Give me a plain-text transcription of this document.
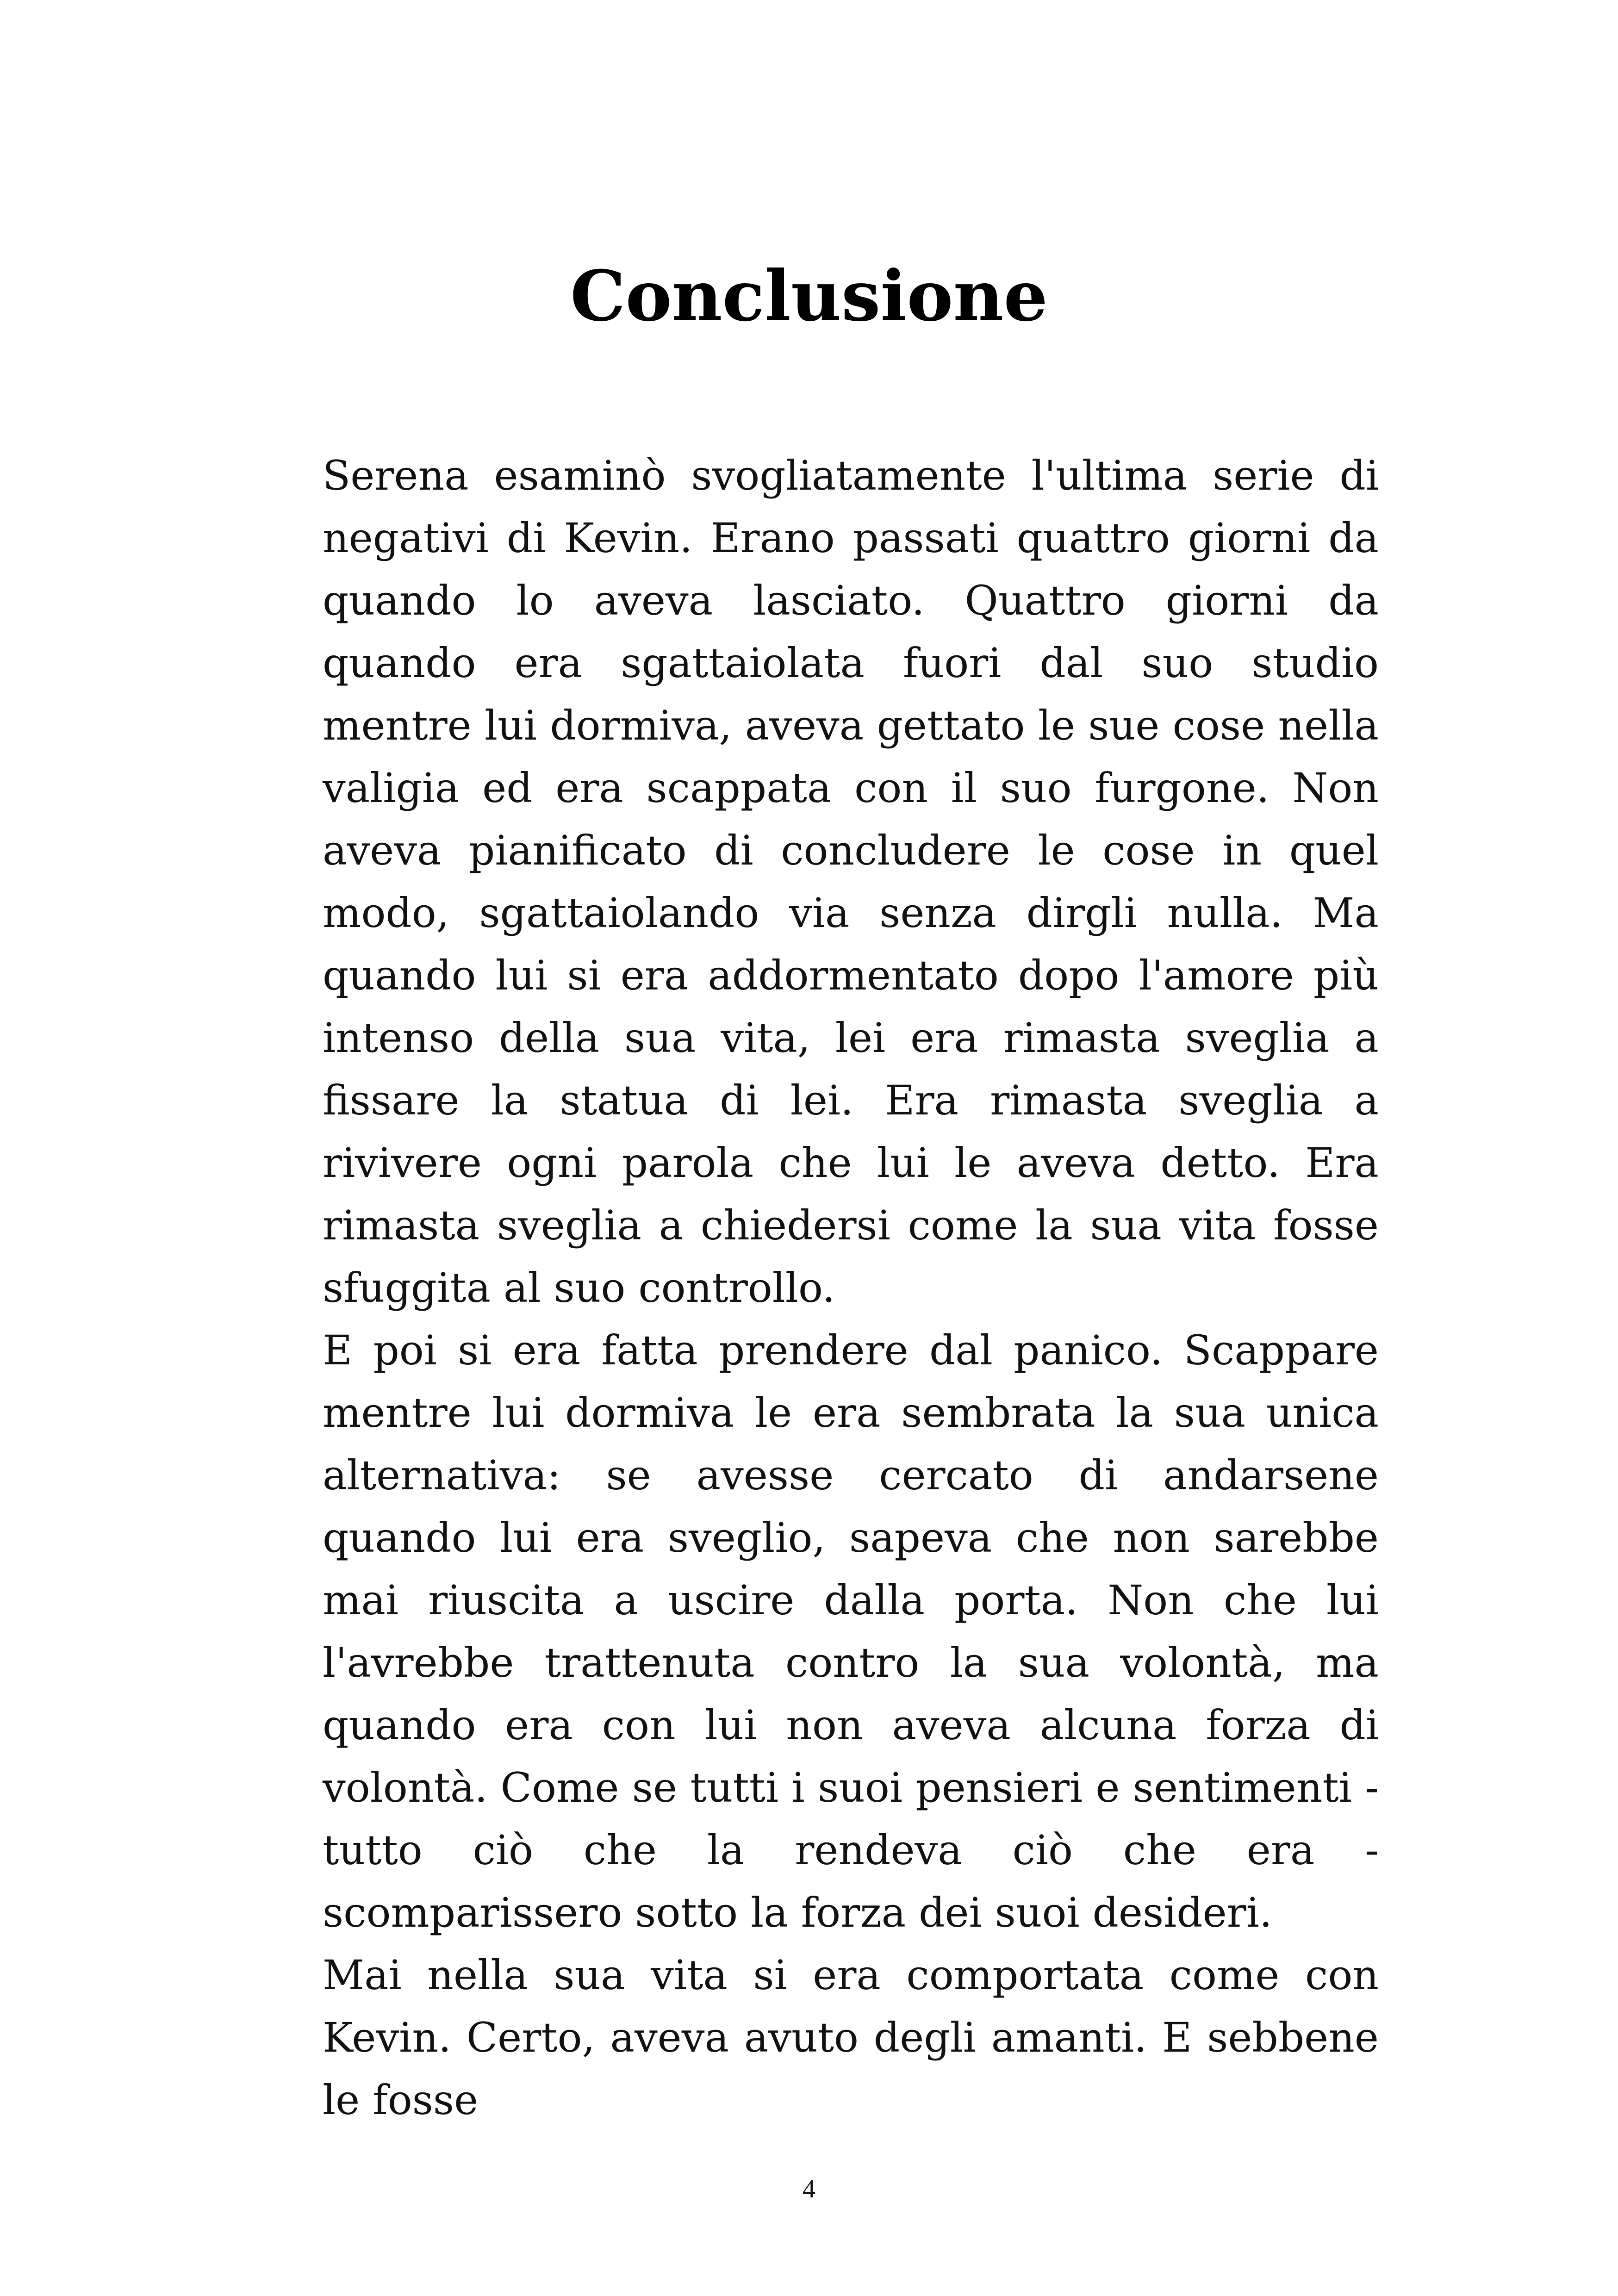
Conclusione

Serena esaminò svogliatamente l'ultima serie di negativi di Kevin. Erano passati quattro giorni da quando lo aveva lasciato. Quattro giorni da quando era sgattaiolata fuori dal suo studio mentre lui dormiva, aveva gettato le sue cose nella valigia ed era scappata con il suo furgone. Non aveva pianificato di concludere le cose in quel modo, sgattaiolando via senza dirgli nulla. Ma quando lui si era addormentato dopo l'amore più intenso della sua vita, lei era rimasta sveglia a fissare la statua di lei. Era rimasta sveglia a rivivere ogni parola che lui le aveva detto. Era rimasta sveglia a chiedersi come la sua vita fosse sfuggita al suo controllo.

E poi si era fatta prendere dal panico. Scappare mentre lui dormiva le era sembrata la sua unica alternativa: se avesse cercato di andarsene quando lui era sveglio, sapeva che non sarebbe mai riuscita a uscire dalla porta. Non che lui l'avrebbe trattenuta contro la sua volontà, ma quando era con lui non aveva alcuna forza di volontà. Come se tutti i suoi pensieri e sentimenti - tutto ciò che la rendeva ciò che era - scomparissero sotto la forza dei suoi desideri.

Mai nella sua vita si era comportata come con Kevin. Certo, aveva avuto degli amanti. E sebbene le fosse

4
